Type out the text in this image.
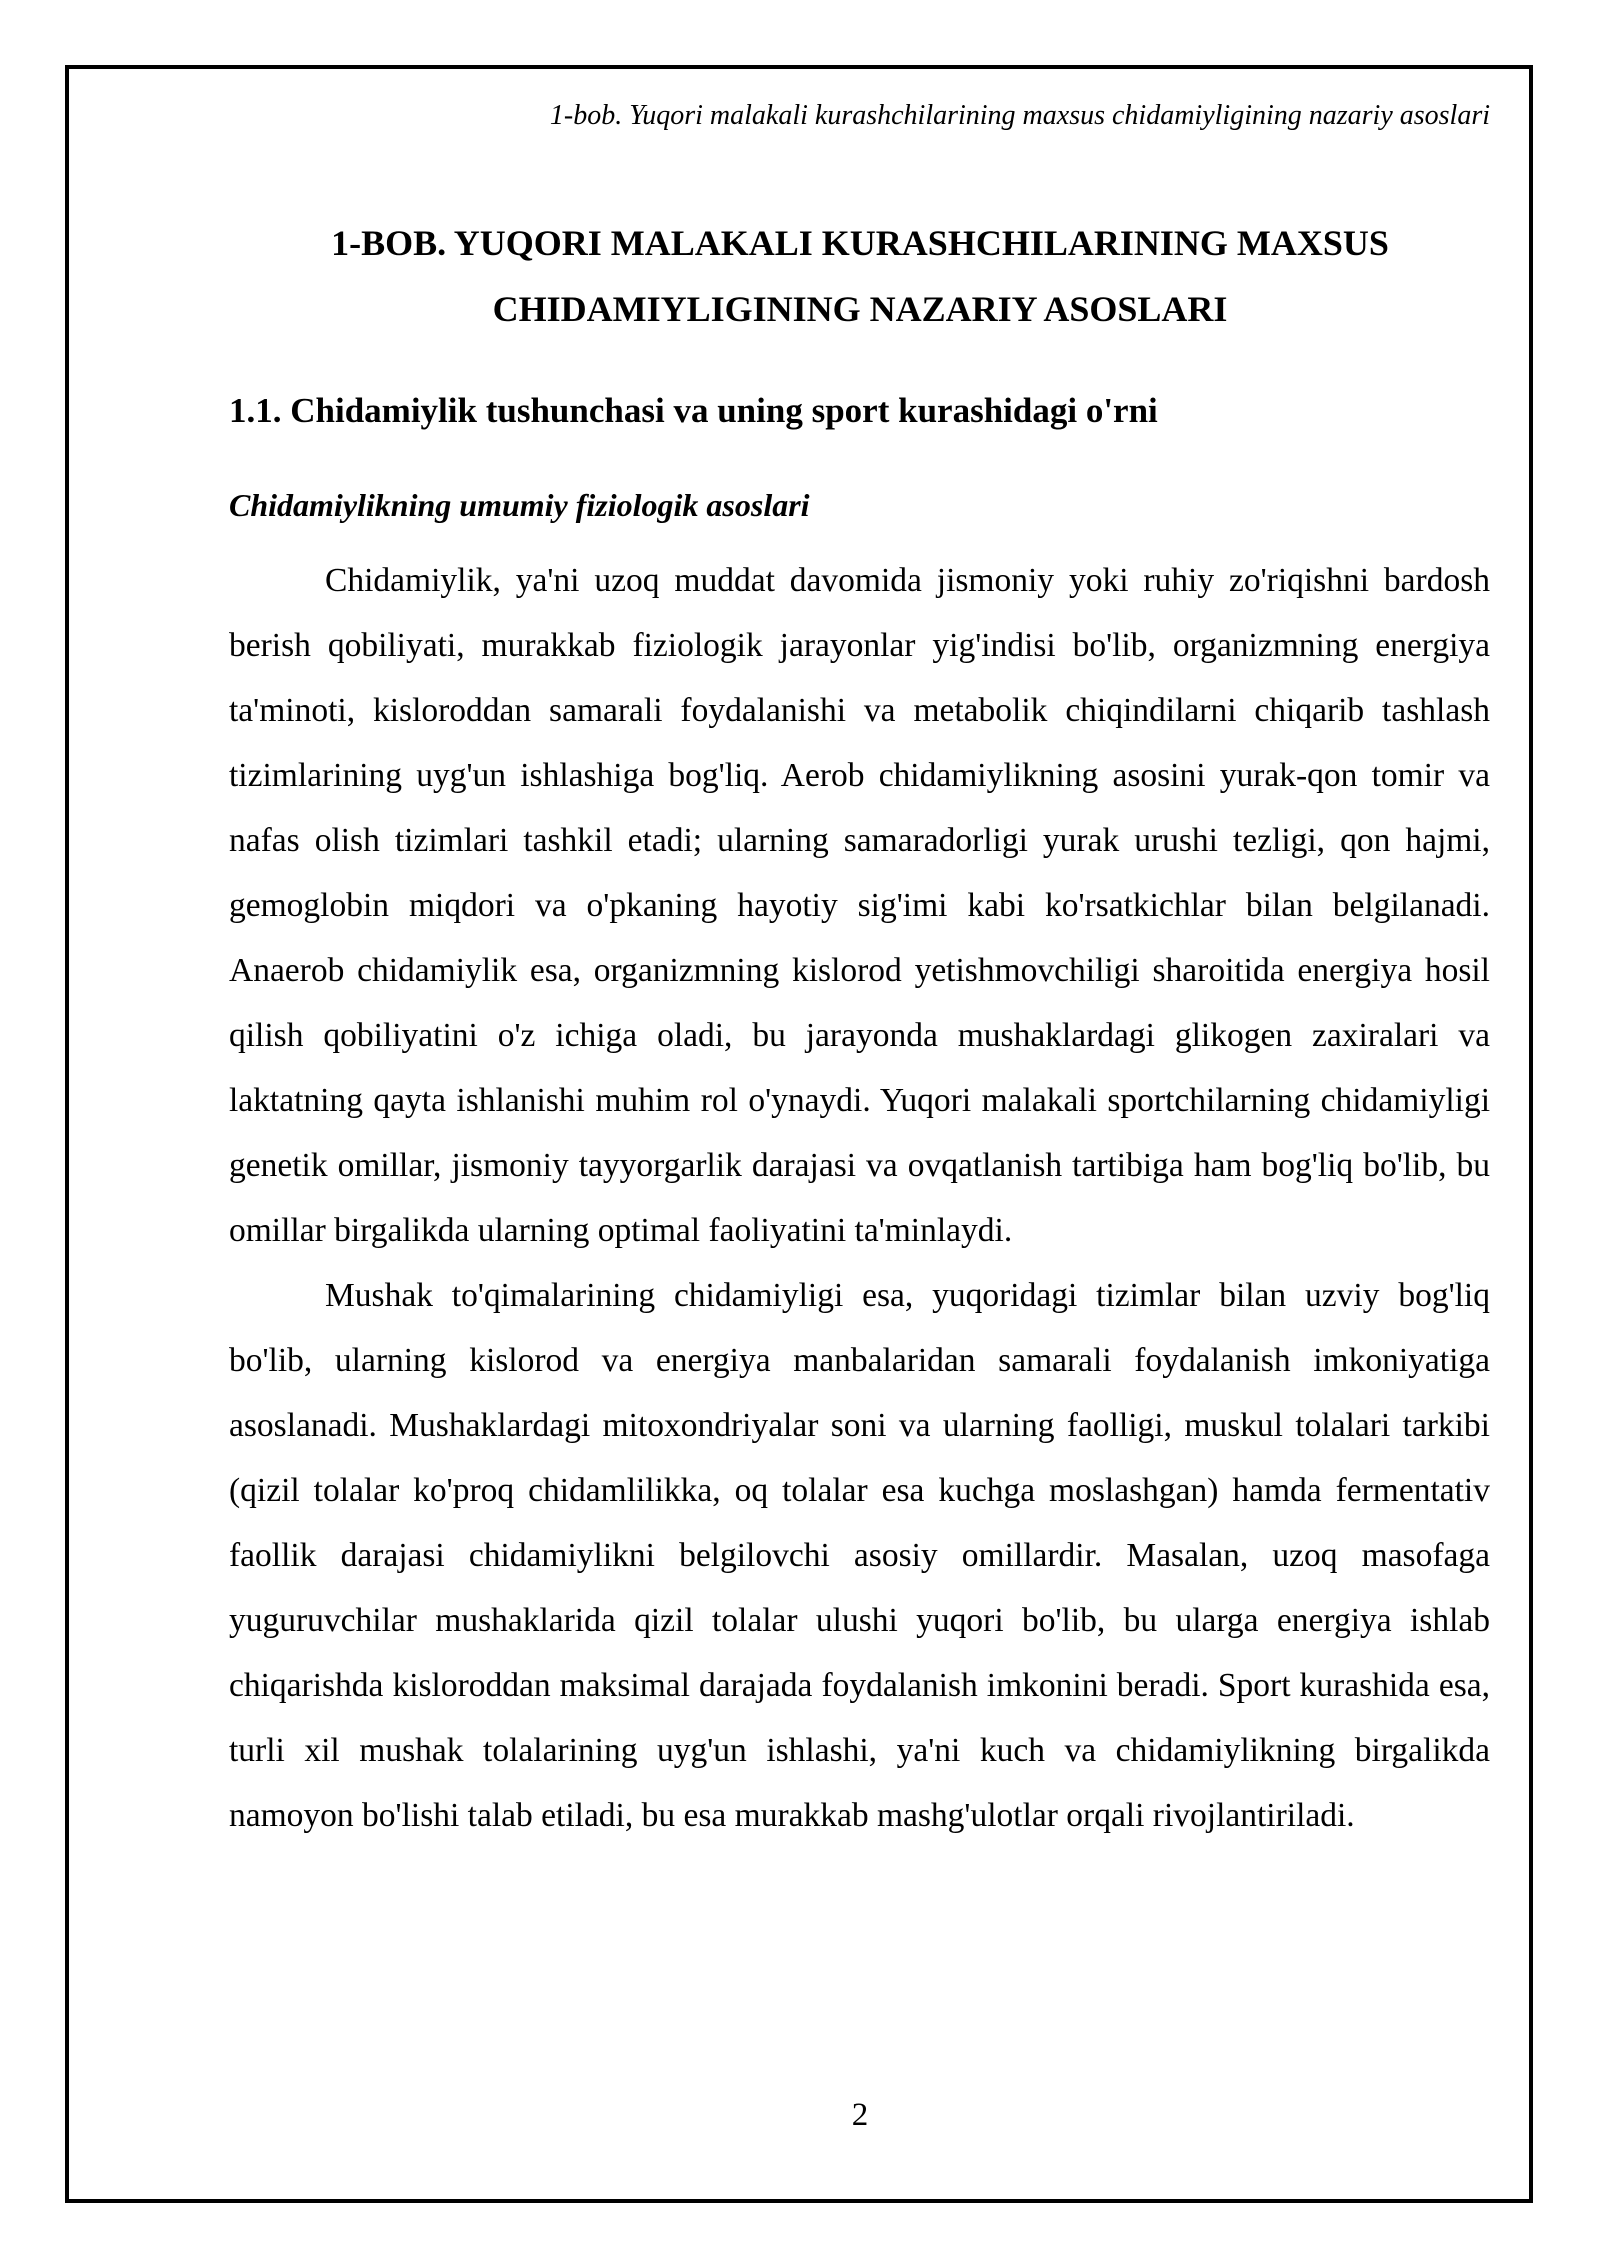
1-bob. Yuqori malakali kurashchilarining maxsus chidamiyligining nazariy asoslari
1-BOB. YUQORI MALAKALI KURASHCHILARINING MAXSUS
CHIDAMIYLIGINING NAZARIY ASOSLARI
1.1. Chidamiylik tushunchasi va uning sport kurashidagi o'rni
Chidamiylikning umumiy fiziologik asoslari

Chidamiylik, ya'ni uzoq muddat davomida jismoniy yoki ruhiy zo'riqishni bardosh berish qobiliyati, murakkab fiziologik jarayonlar yig'indisi bo'lib, organizmning energiya ta'minoti, kisloroddan samarali foydalanishi va metabolik chiqindilarni chiqarib tashlash tizimlarining uyg'un ishlashiga bog'liq. Aerob chidamiylikning asosini yurak-qon tomir va nafas olish tizimlari tashkil etadi; ularning samaradorligi yurak urushi tezligi, qon hajmi, gemoglobin miqdori va o'pkaning hayotiy sig'imi kabi ko'rsatkichlar bilan belgilanadi. Anaerob chidamiylik esa, organizmning kislorod yetishmovchiligi sharoitida energiya hosil qilish qobiliyatini o'z ichiga oladi, bu jarayonda mushaklardagi glikogen zaxiralari va laktatning qayta ishlanishi muhim rol o'ynaydi. Yuqori malakali sportchilarning chidamiyligi genetik omillar, jismoniy tayyorgarlik darajasi va ovqatlanish tartibiga ham bog'liq bo'lib, bu omillar birgalikda ularning optimal faoliyatini ta'minlaydi.

Mushak to'qimalarining chidamiyligi esa, yuqoridagi tizimlar bilan uzviy bog'liq bo'lib, ularning kislorod va energiya manbalaridan samarali foydalanish imkoniyatiga asoslanadi. Mushaklardagi mitoxondriyalar soni va ularning faolligi, muskul tolalari tarkibi (qizil tolalar ko'proq chidamlilikka, oq tolalar esa kuchga moslashgan) hamda fermentativ faollik darajasi chidamiylikni belgilovchi asosiy omillardir. Masalan, uzoq masofaga yuguruvchilar mushaklarida qizil tolalar ulushi yuqori bo'lib, bu ularga energiya ishlab chiqarishda kisloroddan maksimal darajada foydalanish imkonini beradi. Sport kurashida esa, turli xil mushak tolalarining uyg'un ishlashi, ya'ni kuch va chidamiylikning birgalikda namoyon bo'lishi talab etiladi, bu esa murakkab mashg'ulotlar orqali rivojlantiriladi.

2
